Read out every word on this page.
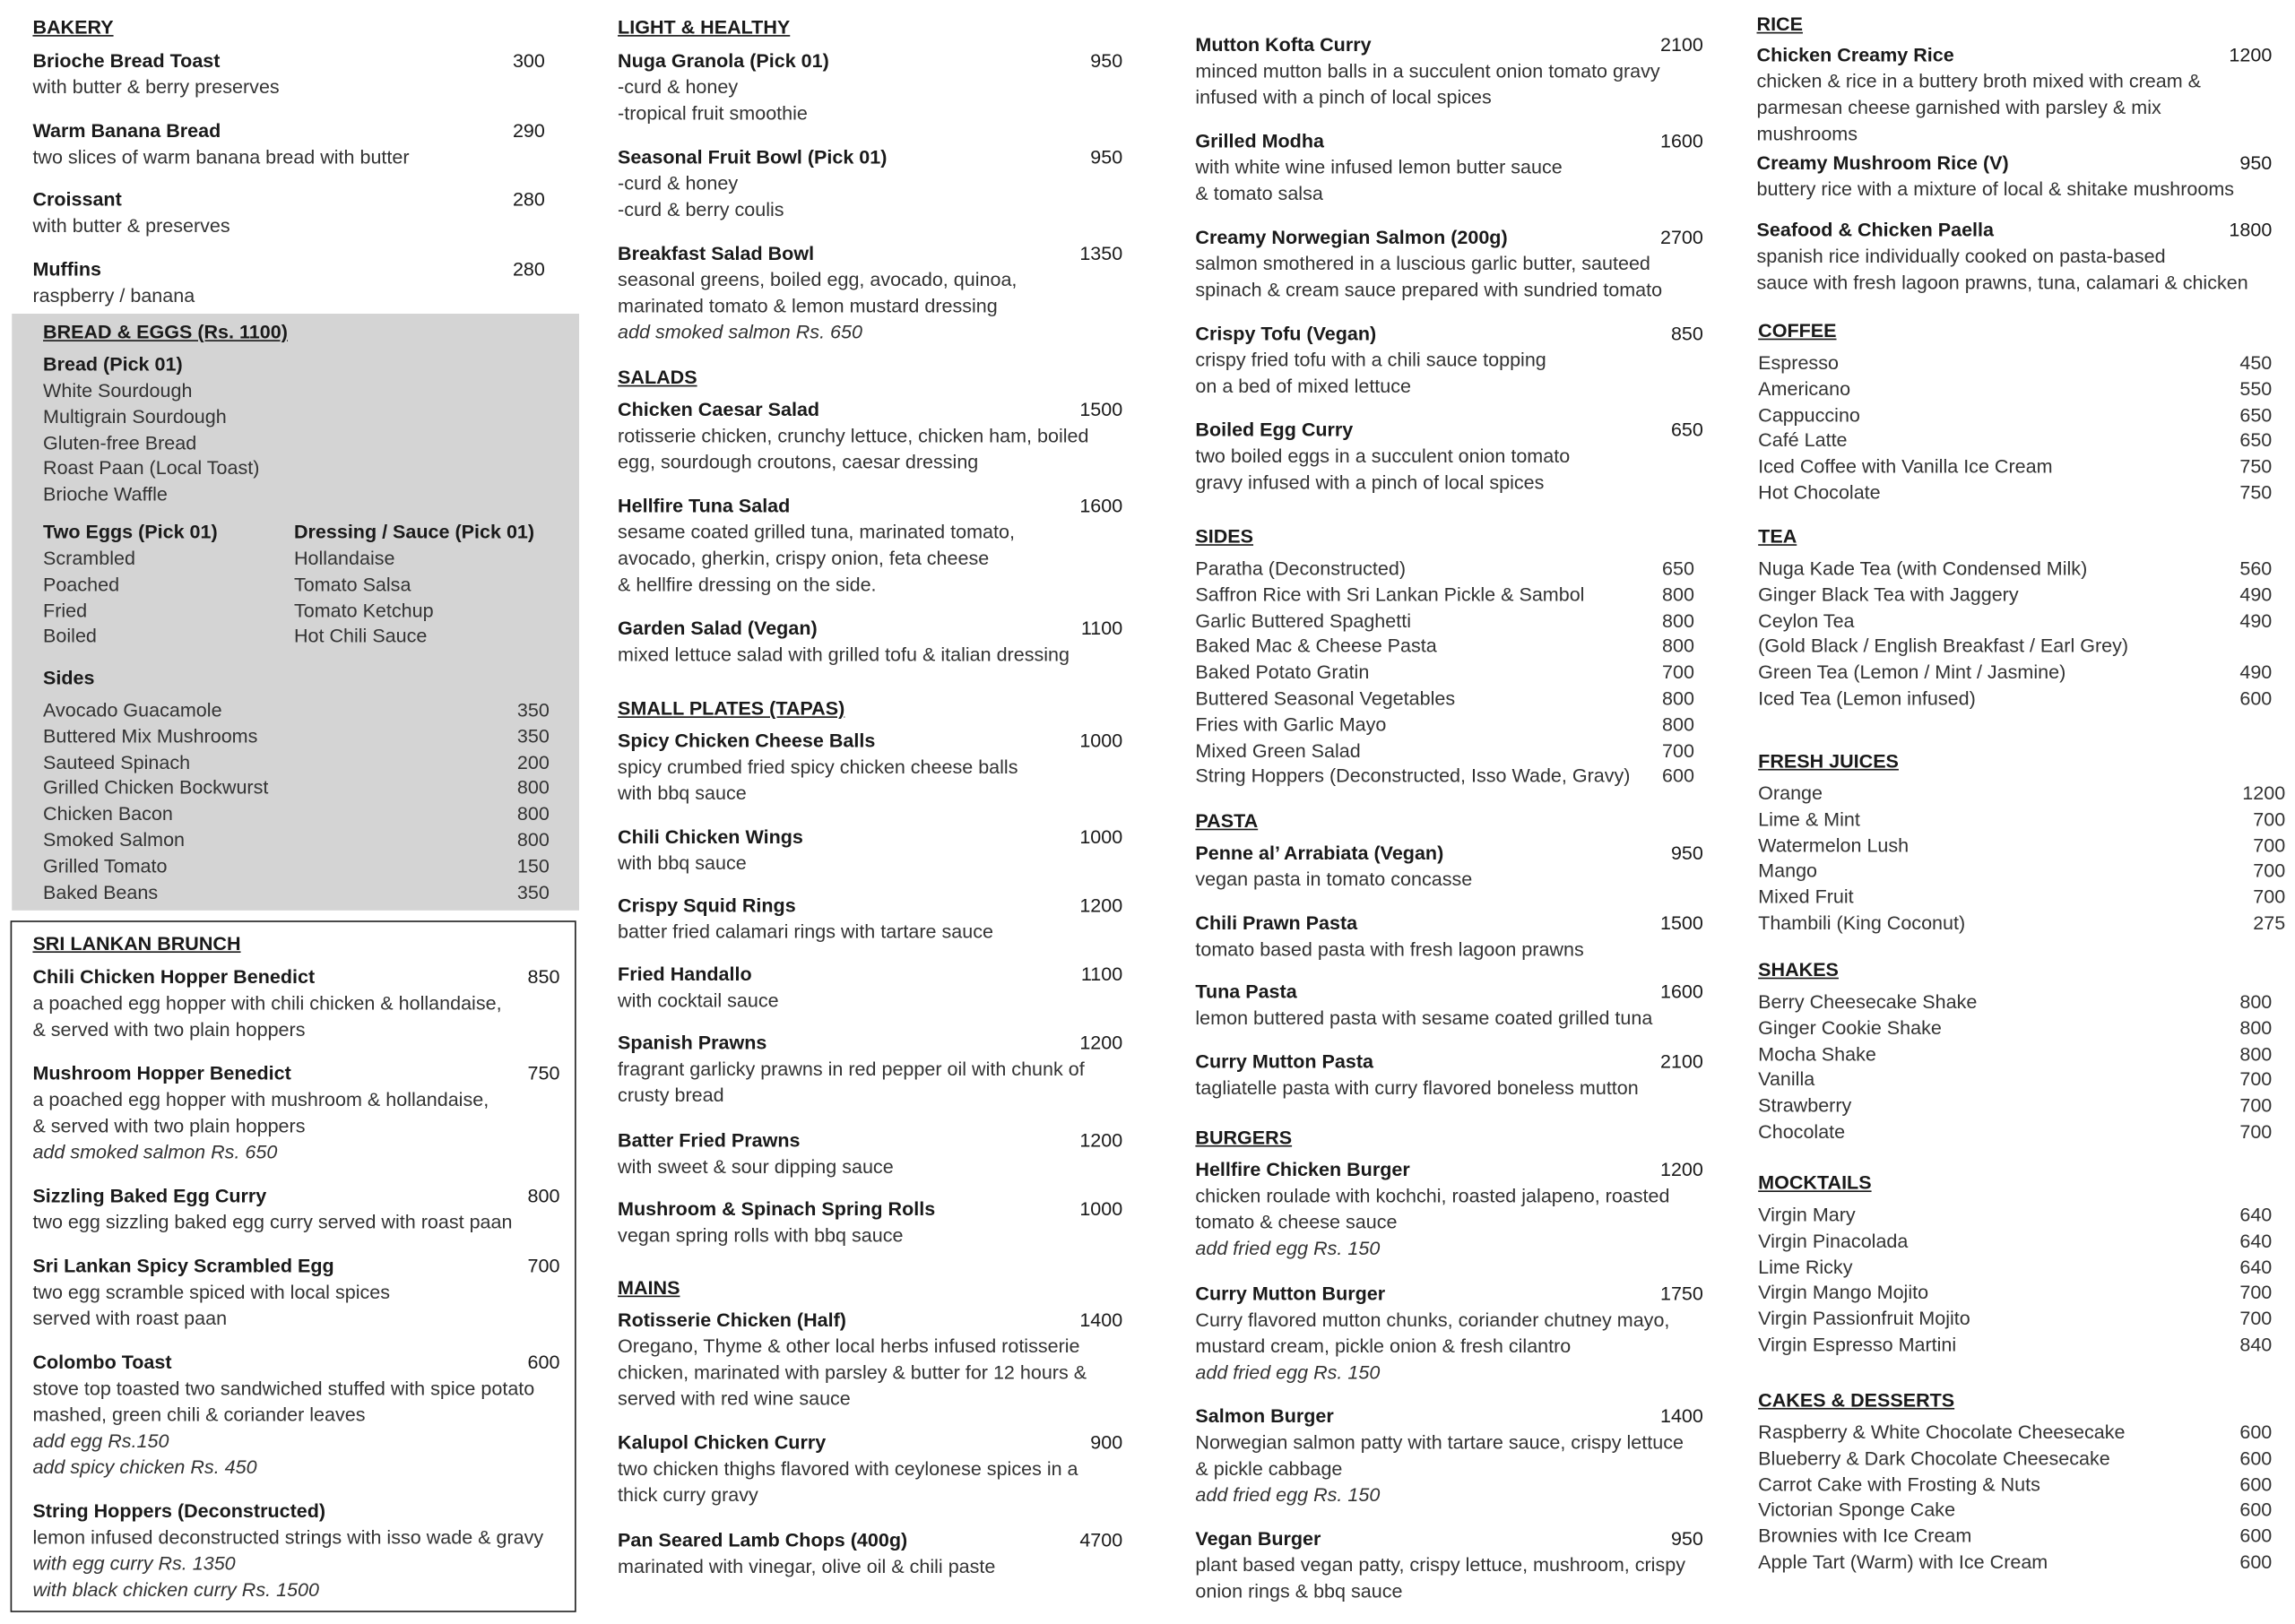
BAKERY
Brioche Bread Toast	300
with butter & berry preserves
Warm Banana Bread	290
two slices of warm banana bread with butter
Croissant	280
with butter & preserves
Muffins	280
raspberry / banana
BREAD & EGGS (Rs. 1100)
Bread (Pick 01)
White Sourdough
Multigrain Sourdough
Gluten-free Bread
Roast Paan (Local Toast)
Brioche Waffle
Two Eggs (Pick 01)
Scrambled
Poached
Fried
Boiled
Dressing / Sauce (Pick 01)
Hollandaise
Tomato Salsa
Tomato Ketchup
Hot Chili Sauce
Sides
Avocado Guacamole	350
Buttered Mix Mushrooms	350
Sauteed Spinach	200
Grilled Chicken Bockwurst	800
Chicken Bacon	800
Smoked Salmon	800
Grilled Tomato	150
Baked Beans	350
SRI LANKAN BRUNCH
Chili Chicken Hopper Benedict	850
a poached egg hopper with chili chicken & hollandaise,
& served with two plain hoppers
Mushroom Hopper Benedict	750
a poached egg hopper with mushroom & hollandaise,
& served with two plain hoppers
add smoked salmon Rs. 650
Sizzling Baked Egg Curry	800
two egg sizzling baked egg curry served with roast paan
Sri Lankan Spicy Scrambled Egg	700
two egg scramble spiced with local spices
served with roast paan
Colombo Toast	600
stove top toasted two sandwiched stuffed with spice potato
mashed, green chili & coriander leaves
add egg Rs.150
add spicy chicken Rs. 450
String Hoppers (Deconstructed)
lemon infused deconstructed strings with isso wade & gravy
with egg curry Rs. 1350
with black chicken curry Rs. 1500
LIGHT & HEALTHY
Nuga Granola (Pick 01)	950
-curd & honey
-tropical fruit smoothie
Seasonal Fruit Bowl (Pick 01)	950
-curd & honey
-curd & berry coulis
Breakfast Salad Bowl	1350
seasonal greens, boiled egg, avocado, quinoa,
marinated tomato & lemon mustard dressing
add smoked salmon Rs. 650
SALADS
Chicken Caesar Salad	1500
rotisserie chicken, crunchy lettuce, chicken ham, boiled
egg, sourdough croutons, caesar dressing
Hellfire Tuna Salad	1600
sesame coated grilled tuna, marinated tomato,
avocado, gherkin, crispy onion, feta cheese
& hellfire dressing on the side.
Garden Salad (Vegan)	1100
mixed lettuce salad with grilled tofu & italian dressing
SMALL PLATES (TAPAS)
Spicy Chicken Cheese Balls	1000
spicy crumbed fried spicy chicken cheese balls
with bbq sauce
Chili Chicken Wings	1000
with bbq sauce
Crispy Squid Rings	1200
batter fried calamari rings with tartare sauce
Fried Handallo	1100
with cocktail sauce
Spanish Prawns	1200
fragrant garlicky prawns in red pepper oil with chunk of
crusty bread
Batter Fried Prawns	1200
with sweet & sour dipping sauce
Mushroom & Spinach Spring Rolls	1000
vegan spring rolls with bbq sauce
MAINS
Rotisserie Chicken (Half)	1400
Oregano, Thyme & other local herbs infused rotisserie
chicken, marinated with parsley & butter for 12 hours &
served with red wine sauce
Kalupol Chicken Curry	900
two chicken thighs flavored with ceylonese spices in a
thick curry gravy
Pan Seared Lamb Chops (400g)	4700
marinated with vinegar, olive oil & chili paste
Mutton Kofta Curry	2100
minced mutton balls in a succulent onion tomato gravy
infused with a pinch of local spices
Grilled Modha	1600
with white wine infused lemon butter sauce
& tomato salsa
Creamy Norwegian Salmon (200g)	2700
salmon smothered in a luscious garlic butter, sauteed
spinach & cream sauce prepared with sundried tomato
Crispy Tofu (Vegan)	850
crispy fried tofu with a chili sauce topping
on a bed of mixed lettuce
Boiled Egg Curry	650
two boiled eggs in a succulent onion tomato
gravy infused with a pinch of local spices
SIDES
Paratha (Deconstructed)	650
Saffron Rice with Sri Lankan Pickle & Sambol	800
Garlic Buttered Spaghetti	800
Baked Mac & Cheese Pasta	800
Baked Potato Gratin	700
Buttered Seasonal Vegetables	800
Fries with Garlic Mayo	800
Mixed Green Salad	700
String Hoppers (Deconstructed, Isso Wade, Gravy)	600
PASTA
Penne al’ Arrabiata (Vegan)	950
vegan pasta in tomato concasse
Chili Prawn Pasta	1500
tomato based pasta with fresh lagoon prawns
Tuna Pasta	1600
lemon buttered pasta with sesame coated grilled tuna
Curry Mutton Pasta	2100
tagliatelle pasta with curry flavored boneless mutton
BURGERS
Hellfire Chicken Burger	1200
chicken roulade with kochchi, roasted jalapeno, roasted
tomato & cheese sauce
add fried egg Rs. 150
Curry Mutton Burger	1750
Curry flavored mutton chunks, coriander chutney mayo,
mustard cream, pickle onion & fresh cilantro
add fried egg Rs. 150
Salmon Burger	1400
Norwegian salmon patty with tartare sauce, crispy lettuce
& pickle cabbage
add fried egg Rs. 150
Vegan Burger	950
plant based vegan patty, crispy lettuce, mushroom, crispy
onion rings & bbq sauce
RICE
Chicken Creamy Rice	1200
chicken & rice in a buttery broth mixed with cream &
parmesan cheese garnished with parsley & mix
mushrooms
Creamy Mushroom Rice (V)	950
buttery rice with a mixture of local & shitake mushrooms
Seafood & Chicken Paella	1800
spanish rice individually cooked on pasta-based
sauce with fresh lagoon prawns, tuna, calamari & chicken
COFFEE
Espresso	450
Americano	550
Cappuccino	650
Café Latte	650
Iced Coffee with Vanilla Ice Cream	750
Hot Chocolate	750
TEA
Nuga Kade Tea (with Condensed Milk)	560
Ginger Black Tea with Jaggery	490
Ceylon Tea	490
(Gold Black / English Breakfast / Earl Grey)
Green Tea (Lemon / Mint / Jasmine)	490
Iced Tea (Lemon infused)	600
FRESH JUICES
Orange	1200
Lime & Mint	700
Watermelon Lush	700
Mango	700
Mixed Fruit	700
Thambili (King Coconut)	275
SHAKES
Berry Cheesecake Shake	800
Ginger Cookie Shake	800
Mocha Shake	800
Vanilla	700
Strawberry	700
Chocolate	700
MOCKTAILS
Virgin Mary	640
Virgin Pinacolada	640
Lime Ricky	640
Virgin Mango Mojito	700
Virgin Passionfruit Mojito	700
Virgin Espresso Martini	840
CAKES & DESSERTS
Raspberry & White Chocolate Cheesecake	600
Blueberry & Dark Chocolate Cheesecake	600
Carrot Cake with Frosting & Nuts	600
Victorian Sponge Cake	600
Brownies with Ice Cream	600
Apple Tart (Warm) with Ice Cream	600
